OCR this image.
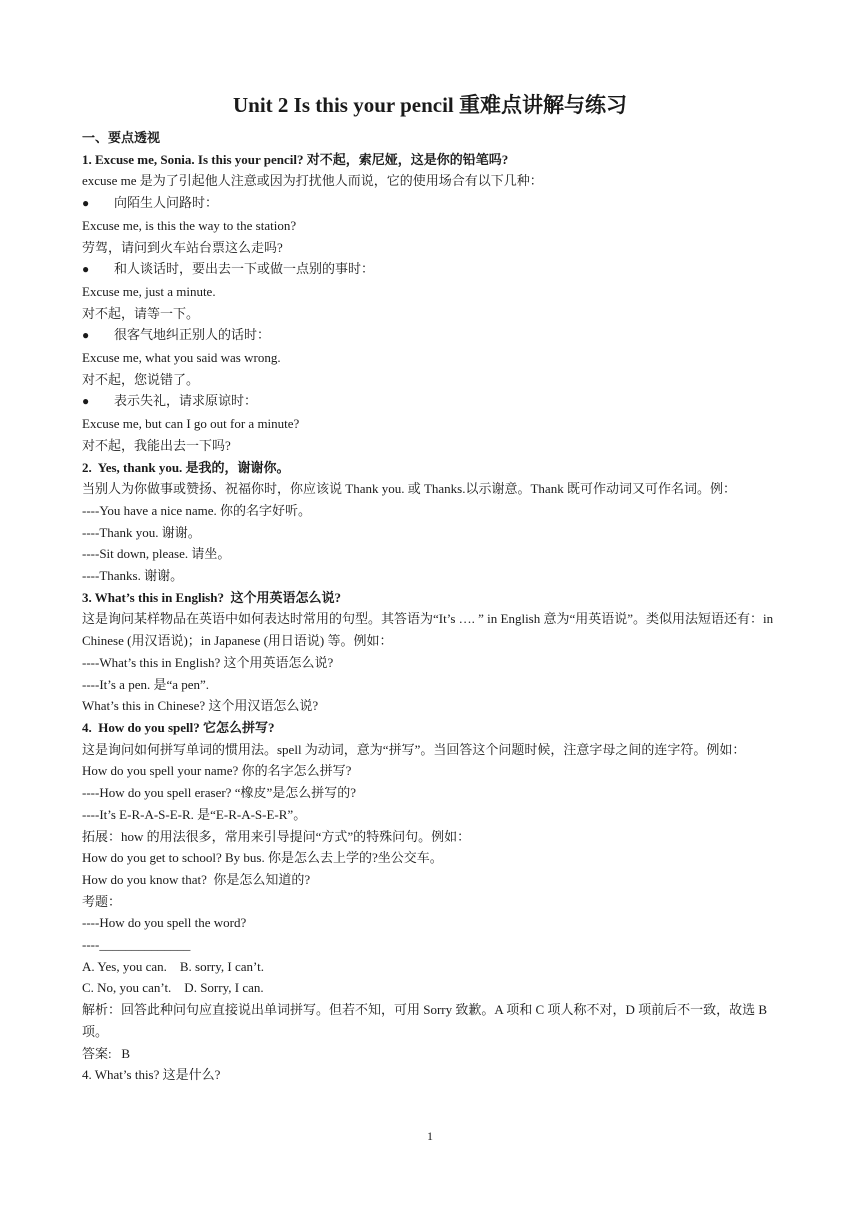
Unit 2 Is this your pencil 重难点讲解与练习

一、要点透视

1. Excuse me, Sonia. Is this your pencil? 对不起，索尼娅，这是你的铅笔吗?

excuse me 是为了引起他人注意或因为打扰他人而说，它的使用场合有以下几种：

● 向陌生人问路时：

Excuse me, is this the way to the station?

劳驾，请问到火车站台票这么走吗?

● 和人谈话时，要出去一下或做一点别的事时：

Excuse me, just a minute.

对不起，请等一下。

● 很客气地纠正别人的话时：

Excuse me, what you said was wrong.

对不起，您说错了。

● 表示失礼，请求原谅时：

Excuse me, but can I go out for a minute?

对不起，我能出去一下吗?

2.  Yes, thank you. 是我的，谢谢你。

当别人为你做事或赞扬、祝福你时，你应该说 Thank you. 或 Thanks.以示谢意。Thank 既可作动词又可作名词。例：

----You have a nice name. 你的名字好听。

----Thank you. 谢谢。

----Sit down, please. 请坐。

----Thanks. 谢谢。

3. What’s this in English?  这个用英语怎么说?

这是询问某样物品在英语中如何表达时常用的句型。其答语为“It’s …. ” in English 意为“用英语说”。类似用法短语还有：in Chinese (用汉语说)；in Japanese (用日语说) 等。例如：

----What’s this in English? 这个用英语怎么说?

----It’s a pen. 是“a pen”.

What’s this in Chinese? 这个用汉语怎么说?

4.  How do you spell? 它怎么拼写?

这是询问如何拼写单词的惯用法。spell 为动词，意为“拼写”。当回答这个问题时候，注意字母之间的连字符。例如：

How do you spell your name? 你的名字怎么拼写?

----How do you spell eraser? “橡皮”是怎么拼写的?

----It’s E-R-A-S-E-R. 是“E-R-A-S-E-R”。

拓展：how 的用法很多，常用来引导提问“方式”的特殊问句。例如：

How do you get to school? By bus. 你是怎么去上学的?坐公交车。

How do you know that?  你是怎么知道的?

考题：

----How do you spell the word?

----______________

A. Yes, you can.    B. sorry, I can’t.

C. No, you can’t.    D. Sorry, I can.

解析：回答此种问句应直接说出单词拼写。但若不知，可用 Sorry 致歉。A 项和 C 项人称不对，D 项前后不一致，故选 B 项。

答案:   B

4. What’s this? 这是什么?

1
